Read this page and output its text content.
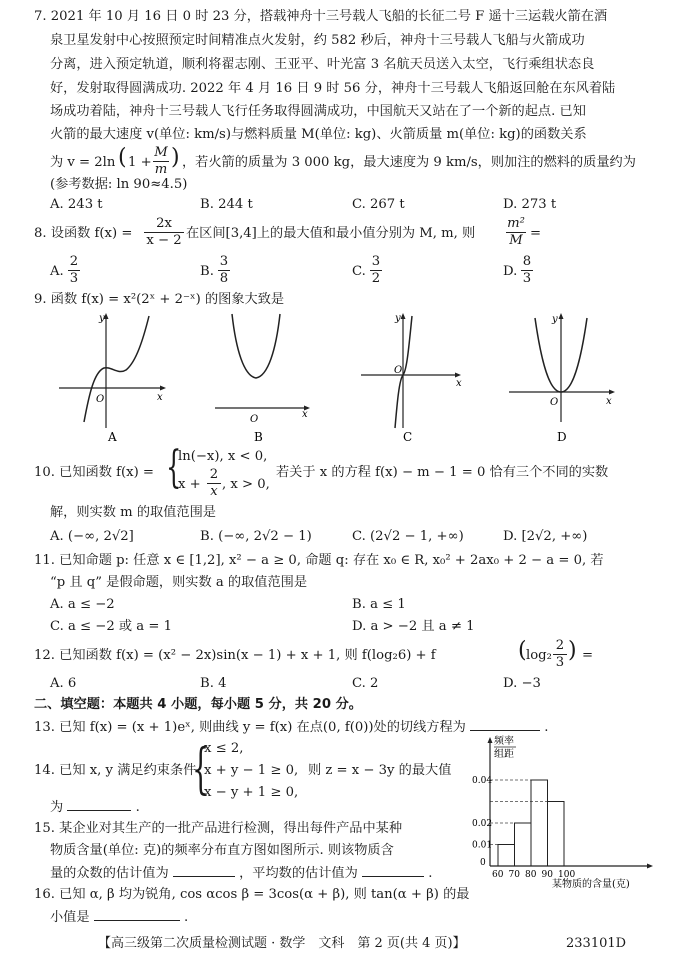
7. 2021 年 10 月 16 日 0 时 23 分，搭载神舟十三号载人飞船的长征二号 F 遥十三运载火箭在酒
泉卫星发射中心按照预定时间精准点火发射，约 582 秒后，神舟十三号载人飞船与火箭成功
分离，进入预定轨道，顺利将翟志刚、王亚平、叶光富 3 名航天员送入太空，飞行乘组状态良
好，发射取得圆满成功. 2022 年 4 月 16 日 9 时 56 分，神舟十三号载人飞船返回舱在东风着陆
场成功着陆，神舟十三号载人飞行任务取得圆满成功，中国航天又站在了一个新的起点. 已知
火箭的最大速度 v(单位: km/s)与燃料质量 M(单位: kg)、火箭质量 m(单位: kg)的函数关系
为 v = 2ln ( 1 +
M
m ) ，若火箭的质量为 3 000 kg，最大速度为 9 km/s，则加注的燃料的质量约为
(参考数据: ln 90≈4.5)
A. 243 t	B. 244 t	C. 267 t	D. 273 t
8. 设函数 f(x) =
2x
x − 2 在区间[3,4]上的最大值和最小值分别为 M, m, 则
m²
M =
A.
2
3	B.
3
8	C.
3
2	D.
8
3
9. 函数 f(x) = x²(2ˣ + 2⁻ˣ) 的图象大致是
x
y
O
A
x
O
B
y
x
y
O
C
x
y
O
D
10. 已知函数 f(x) = {
ln(−x), x < 0,
x +
2
x , x > 0,
若关于 x 的方程 f(x) − m − 1 = 0 恰有三个不同的实数
解，则实数 m 的取值范围是
A. (−∞, 2√2]	B. (−∞, 2√2 − 1)	C. (2√2 − 1, +∞)	D. [2√2, +∞)
11. 已知命题 p: 任意 x ∈ [1,2], x² − a ≥ 0, 命题 q: 存在 x₀ ∈ R, x₀² + 2ax₀ + 2 − a = 0, 若
“p 且 q” 是假命题，则实数 a 的取值范围是
A. a ≤ −2	B. a ≤ 1
C. a ≤ −2 或 a = 1	D. a > −2 且 a ≠ 1
12. 已知函数 f(x) = (x² − 2x)sin(x − 1) + x + 1, 则 f(log₂6) + f	( log₂
2
3 ) =
A. 6	B. 4	C. 2	D. −3
二、填空题：本题共 4 小题，每小题 5 分，共 20 分。
13. 已知 f(x) = (x + 1)eˣ, 则曲线 y = f(x) 在点(0, f(0))处的切线方程为	.
14. 已知 x, y 满足约束条件
{
x ≤ 2,
x + y − 1 ≥ 0,
x − y + 1 ≥ 0,
则 z = x − 3y 的最大值
为	.
15. 某企业对其生产的一批产品进行检测，得出每件产品中某种
物质含量(单位: 克)的频率分布直方图如图所示. 则该物质含
量的众数的估计值为	，平均数的估计值为	.
16. 已知 α, β 均为锐角, cos αcos β = 3cos(α + β), 则 tan(α + β) 的最
小值是	.
频率
组距
0.01
0.02
0.04
60 70 80 90 100
0
某物质的含量(克)
【高三级第二次质量检测试题 · 数学　文科　第 2 页(共 4 页)】	233101D
